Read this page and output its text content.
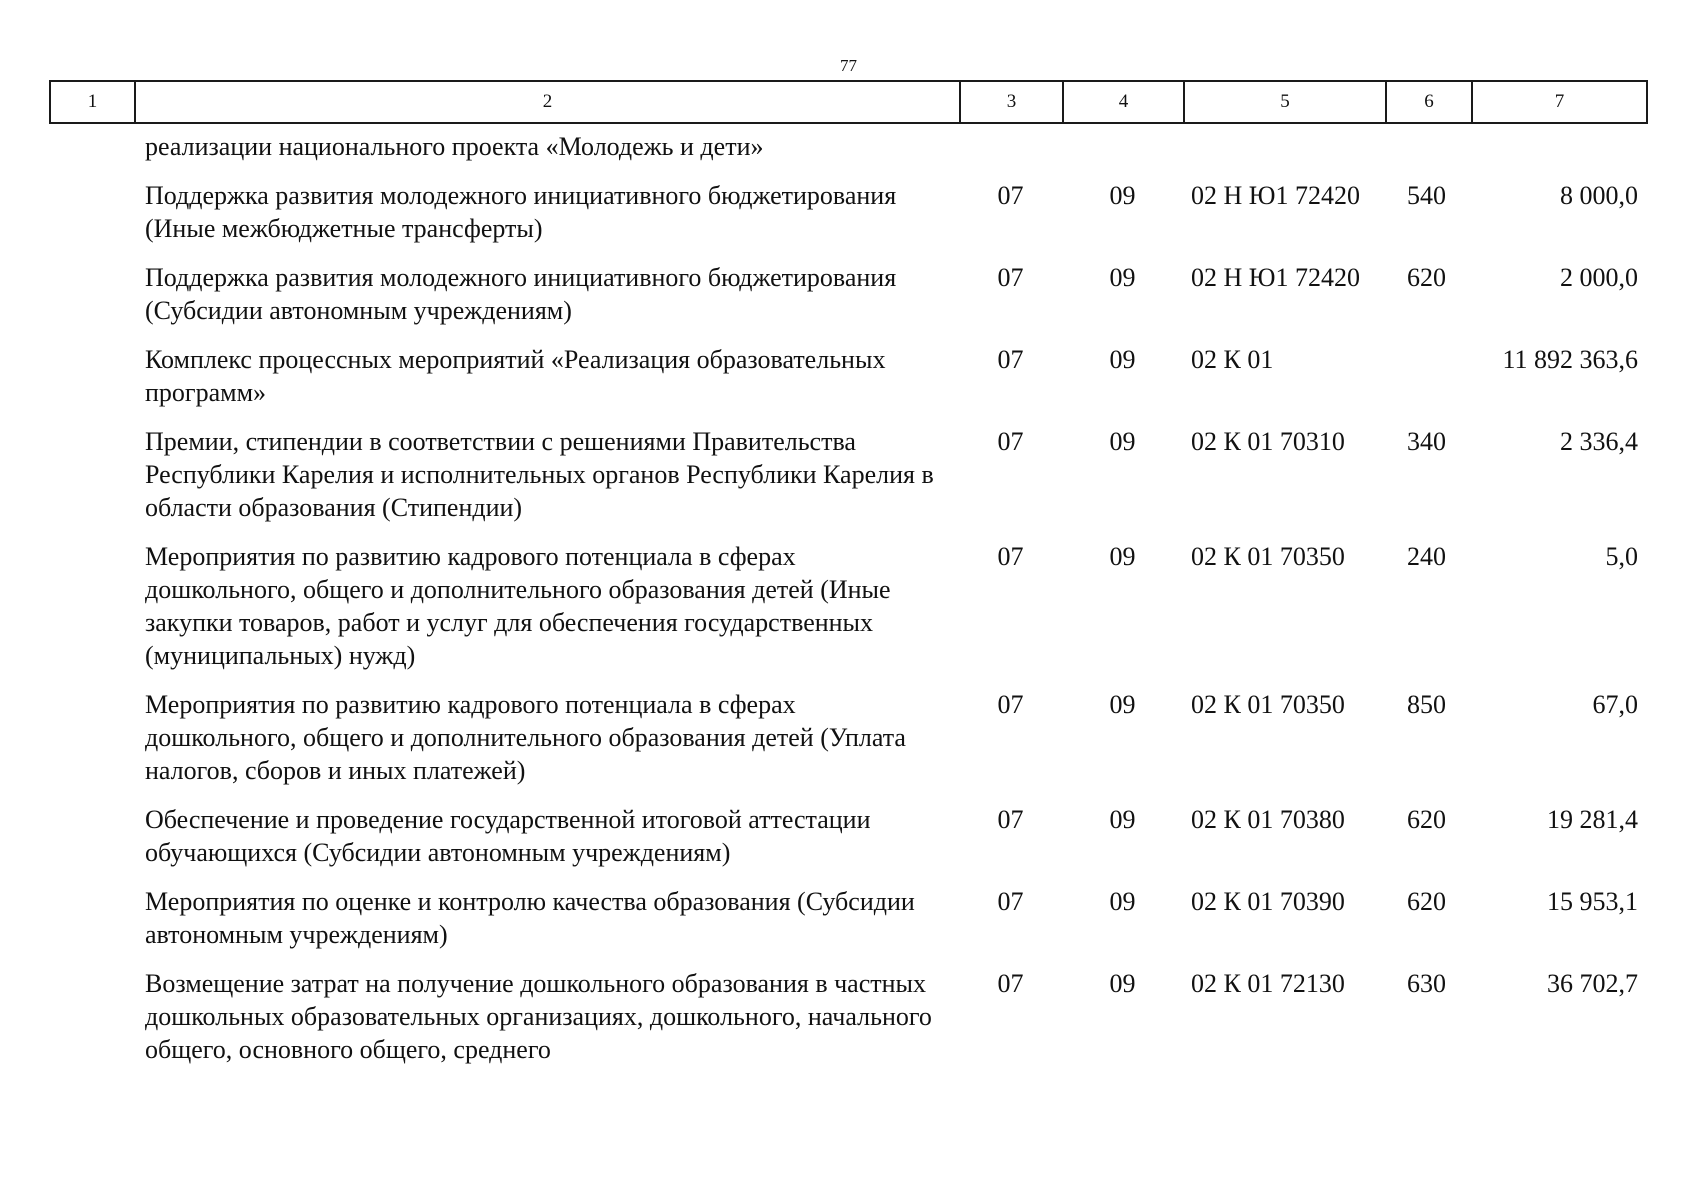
77
1	2	3	4	5	6	7
реализации национального проекта «Молодежь и дети»					
Поддержка развития молодежного инициативного бюджетирования (Иные межбюджетные трансферты)	07	09	02 Н Ю1 72420	540	8 000,0
Поддержка развития молодежного инициативного бюджетирования (Субсидии автономным учреждениям)	07	09	02 Н Ю1 72420	620	2 000,0
Комплекс процессных мероприятий «Реализация образовательных программ»	07	09	02 К 01		11 892 363,6
Премии, стипендии в соответствии с решениями Правительства Республики Карелия и исполнительных органов Республики Карелия в области образования (Стипендии)	07	09	02 К 01 70310	340	2 336,4
Мероприятия по развитию кадрового потенциала в сферах дошкольного, общего и дополнительного образования детей (Иные закупки товаров, работ и услуг для обеспечения государственных (муниципальных) нужд)	07	09	02 К 01 70350	240	5,0
Мероприятия по развитию кадрового потенциала в сферах дошкольного, общего и дополнительного образования детей (Уплата налогов, сборов и иных платежей)	07	09	02 К 01 70350	850	67,0
Обеспечение и проведение государственной итоговой аттестации обучающихся (Субсидии автономным учреждениям)	07	09	02 К 01 70380	620	19 281,4
Мероприятия по оценке и контролю качества образования (Субсидии автономным учреждениям)	07	09	02 К 01 70390	620	15 953,1
Возмещение затрат на получение дошкольного образования в частных дошкольных образовательных организациях, дошкольного, начального общего, основного общего, среднего	07	09	02 К 01 72130	630	36 702,7
